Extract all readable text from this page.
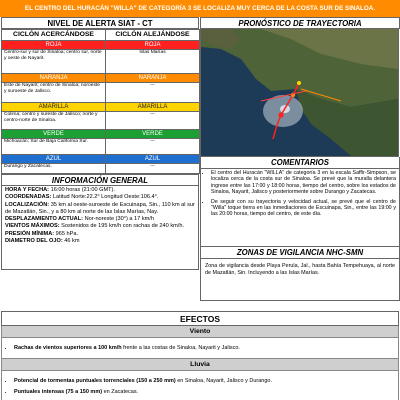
EL CENTRO DEL HURACÁN "WILLA" DE CATEGORÍA 3 SE LOCALIZA MUY CERCA DE LA COSTA SUR DE SINALOA.
NIVEL DE ALERTA SIAT - CT
CICLÓN ACERCÁNDOSE	CICLÓN ALEJÁNDOSE
ROJA	ROJA
Centro-sur y sur de Sinaloa; centro sur, norte y oeste de Nayarit.	Islas Marías
NARANJA	NARANJA
Este de Nayarit; centro de Sinaloa; noroeste y suroeste de Jalisco.	---
AMARILLA	AMARILLA
Colima; centro y sureste de Jalisco; norte y centro-norte de Sinaloa.	---
VERDE	VERDE
Michoacán; Sur de Baja California Sur.	---
AZUL	AZUL
Durango y Zacatecas.	---
INFORMACIÓN GENERAL
HORA Y FECHA: 16:00 horas (21:00 GMT).
COORDENADAS: Latitud Norte:22.2° Longitud Oeste:106.4°.
LOCALIZACIÓN: 35 km al oeste-suroeste de Escuinapa, Sin., 110 km al sur de Mazatlán, Sin., y a 80 km al norte de las Islas Marías, Nay.
DESPLAZAMIENTO ACTUAL: Nor-noreste (30°) a 17 km/h
VIENTOS MÁXIMOS: Sostenidos de 195 km/h con rachas de 240 km/h.
PRESIÓN MÍNIMA: 965 hPa.
DIAMETRO DEL OJO: 46 km
PRONÓSTICO DE TRAYECTORIA
COMENTARIOS
• El centro del Huracán "WILLA" de categoría 3 en la escala Saffir-Simpson, se localiza cerca de la costa sur de Sinaloa. Se prevé que la muralla delantera ingrese entre las 17:00 y 18:00 horas, tiempo del centro, sobre los estados de Sinaloa, Nayarit, Jalisco y posteriormente sobre Durango y Zacatecas.
• De seguir con su trayectoria y velocidad actual, se prevé que el centro de "Willa" toque tierra en las inmediaciones de Escuinapa, Sin., entre las 19:00 y las 20:00 horas, tiempo del centro, de este día.
ZONAS DE VIGILANCIA NHC-SMN
Zona de vigilancia desde Playa Perula, Jal., hasta Bahía Tempehuaya, al norte de Mazatlán, Sin. Incluyendo a las Islas Marías.
EFECTOS
Viento
• Rachas de vientos superiores a 100 km/h frente a las costas de Sinaloa, Nayarit y Jalisco.
Lluvia
• Potencial de tormentas puntuales torrenciales (150 a 250 mm) en Sinaloa, Nayarit, Jalisco y Durango.
• Puntuales intensas (75 a 150 mm) en Zacatecas.
